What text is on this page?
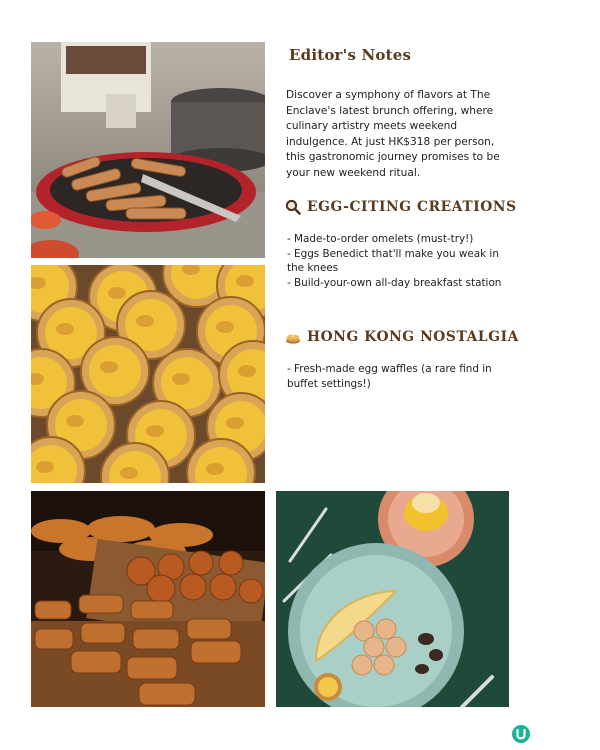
Editor's Notes
Discover a symphony of flavors at The Enclave's latest brunch offering, where culinary artistry meets weekend indulgence. At just HK$318 per person, this gastronomic journey promises to be your new weekend ritual.
EGG-CITING CREATIONS
- Made-to-order omelets (must-try!)
- Eggs Benedict that'll make you weak in the knees
- Build-your-own all-day breakfast station
HONG KONG NOSTALGIA
- Fresh-made egg waffles (a rare find in buffet settings!)
